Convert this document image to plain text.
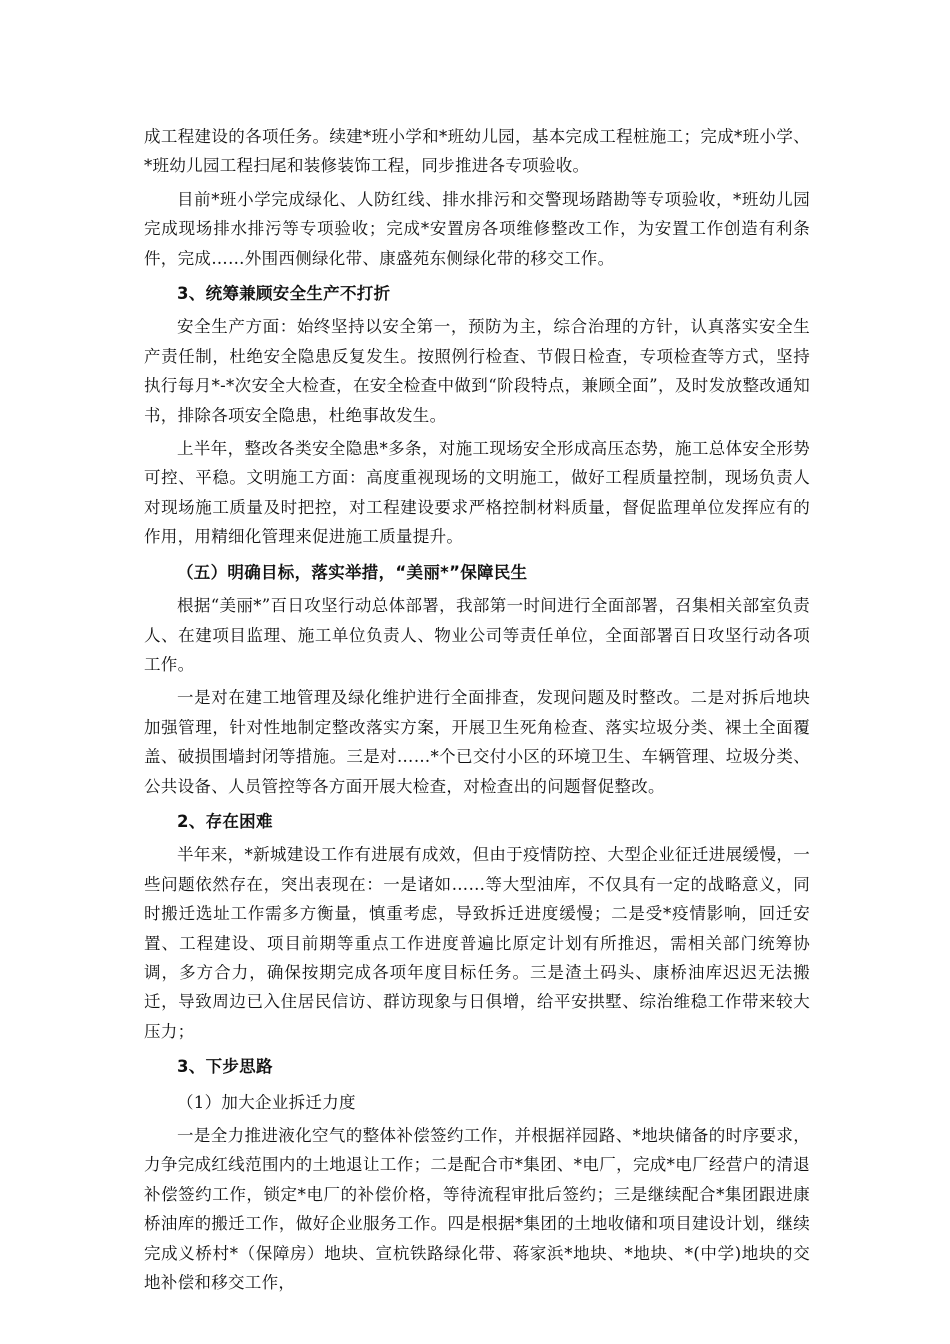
成工程建设的各项任务。续建*班小学和*班幼儿园，基本完成工程桩施工；完成*班小学、*班幼儿园工程扫尾和装修装饰工程，同步推进各专项验收。

目前*班小学完成绿化、人防红线、排水排污和交警现场踏勘等专项验收，*班幼儿园完成现场排水排污等专项验收；完成*安置房各项维修整改工作，为安置工作创造有利条件，完成……外围西侧绿化带、康盛苑东侧绿化带的移交工作。

3、统筹兼顾安全生产不打折

安全生产方面：始终坚持以安全第一，预防为主，综合治理的方针，认真落实安全生产责任制，杜绝安全隐患反复发生。按照例行检查、节假日检查，专项检查等方式，坚持执行每月*-*次安全大检查，在安全检查中做到“阶段特点，兼顾全面”，及时发放整改通知书，排除各项安全隐患，杜绝事故发生。

上半年，整改各类安全隐患*多条，对施工现场安全形成高压态势，施工总体安全形势可控、平稳。文明施工方面：高度重视现场的文明施工，做好工程质量控制，现场负责人对现场施工质量及时把控，对工程建设要求严格控制材料质量，督促监理单位发挥应有的作用，用精细化管理来促进施工质量提升。

（五）明确目标，落实举措，“美丽*”保障民生

根据“美丽*”百日攻坚行动总体部署，我部第一时间进行全面部署，召集相关部室负责人、在建项目监理、施工单位负责人、物业公司等责任单位，全面部署百日攻坚行动各项工作。

一是对在建工地管理及绿化维护进行全面排查，发现问题及时整改。二是对拆后地块加强管理，针对性地制定整改落实方案，开展卫生死角检查、落实垃圾分类、裸土全面覆盖、破损围墙封闭等措施。三是对……*个已交付小区的环境卫生、车辆管理、垃圾分类、公共设备、人员管控等各方面开展大检查，对检查出的问题督促整改。

2、存在困难

半年来，*新城建设工作有进展有成效，但由于疫情防控、大型企业征迁进展缓慢，一些问题依然存在，突出表现在：一是诸如……等大型油库，不仅具有一定的战略意义，同时搬迁选址工作需多方衡量，慎重考虑，导致拆迁进度缓慢；二是受*疫情影响，回迁安置、工程建设、项目前期等重点工作进度普遍比原定计划有所推迟，需相关部门统筹协调，多方合力，确保按期完成各项年度目标任务。三是渣土码头、康桥油库迟迟无法搬迁，导致周边已入住居民信访、群访现象与日俱增，给平安拱墅、综治维稳工作带来较大压力；

3、下步思路

（1）加大企业拆迁力度

一是全力推进液化空气的整体补偿签约工作，并根据祥园路、*地块储备的时序要求，力争完成红线范围内的土地退让工作；二是配合市*集团、*电厂，完成*电厂经营户的清退补偿签约工作，锁定*电厂的补偿价格，等待流程审批后签约；三是继续配合*集团跟进康桥油库的搬迁工作，做好企业服务工作。四是根据*集团的土地收储和项目建设计划，继续完成义桥村*（保障房）地块、宣杭铁路绿化带、蒋家浜*地块、*地块、*(中学)地块的交地补偿和移交工作，
